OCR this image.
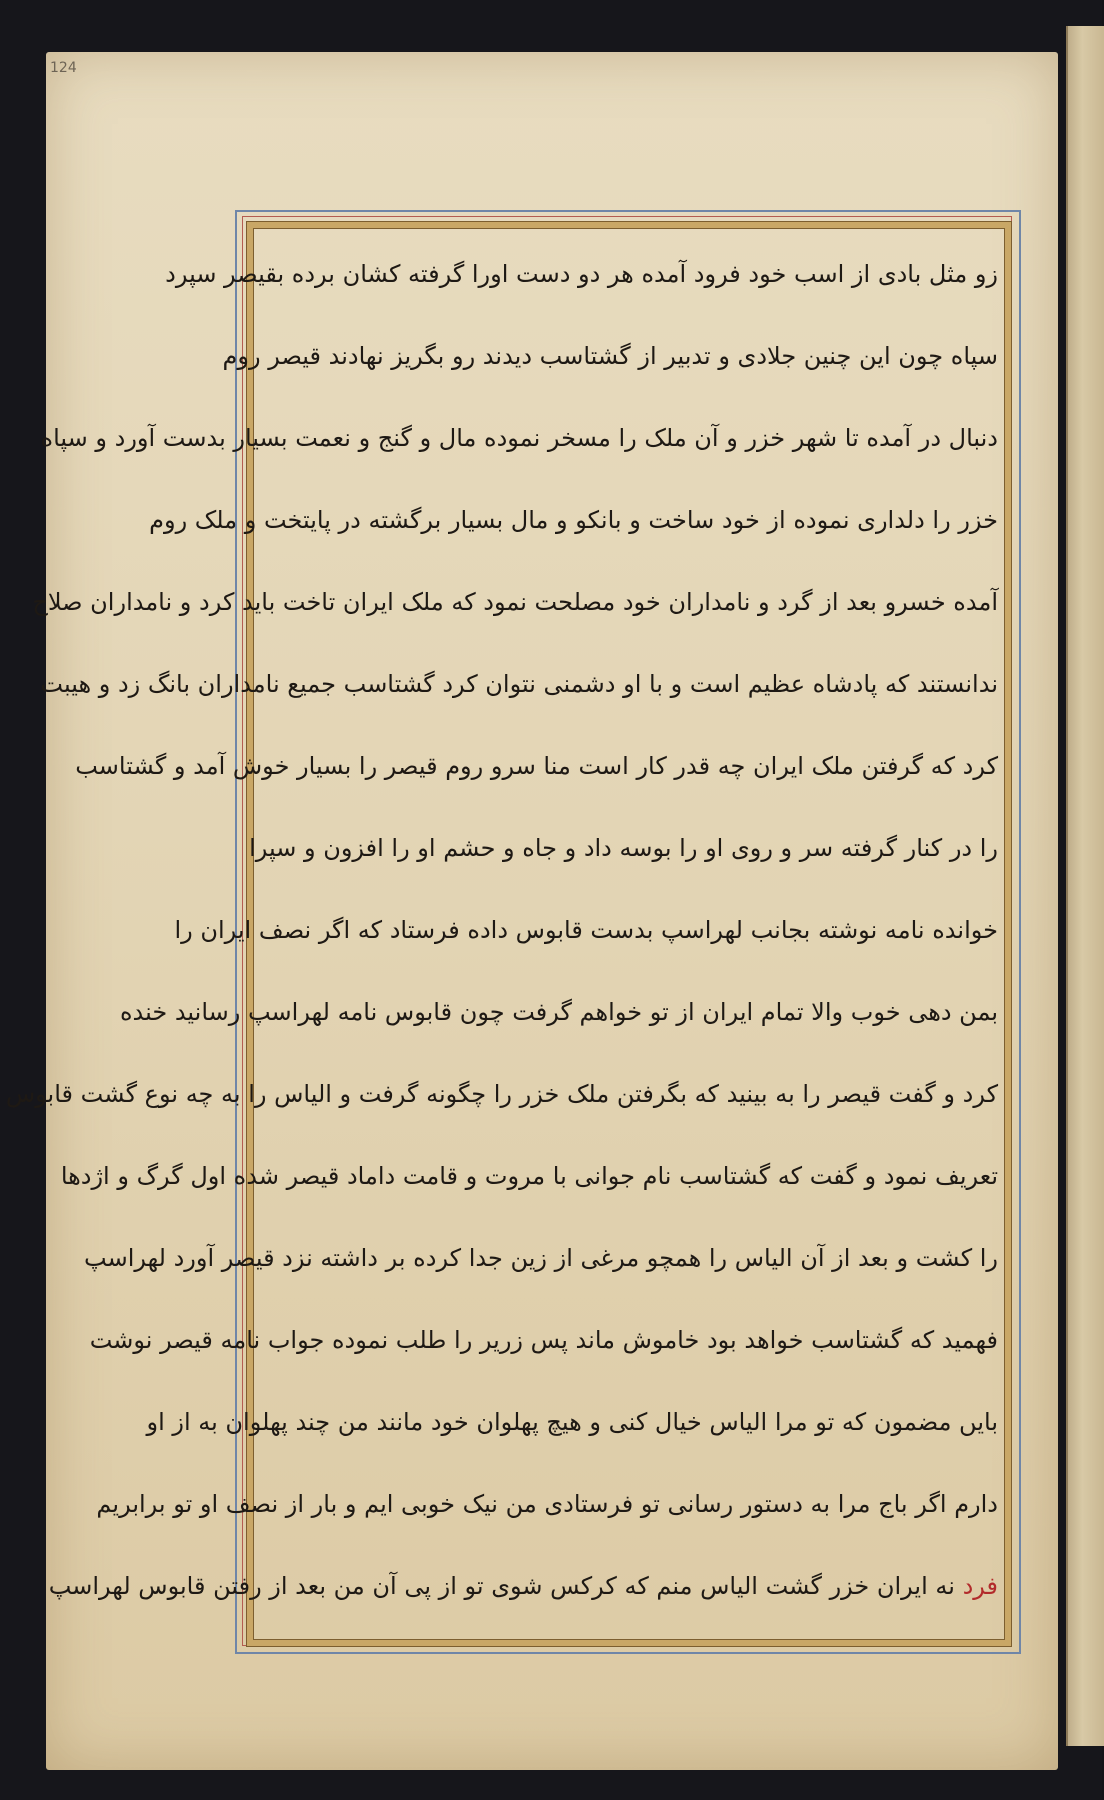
124
زو مثل بادی از اسب خود فرود آمده هر دو دست اورا گرفته کشان برده بقیصر سپرد
سپاه چون این چنین جلادی و تدبیر از گشتاسب دیدند رو بگریز نهادند قیصر روم
دنبال در آمده تا شهر خزر و آن ملک را مسخر نموده مال و گنج و نعمت بسیار بدست آورد و سپاه
خزر را دلداری نموده از خود ساخت و بانکو و مال بسیار برگشته در پایتخت و ملک روم
آمده خسرو بعد از گرد و نامداران خود مصلحت نمود که ملک ایران تاخت باید کرد و نامداران صلاح
ندانستند که پادشاه عظیم است و با او دشمنی نتوان کرد گشتاسب جمیع نامداران بانگ زد و هیبت
کرد که گرفتن ملک ایران چه قدر کار است منا سرو روم قیصر را بسیار خوش آمد و گشتاسب
را در کنار گرفته سر و روی او را بوسه داد و جاه و حشم او را افزون و سپرا
خوانده نامه نوشته بجانب لهراسپ بدست قابوس داده فرستاد که اگر نصف ایران را
بمن دهی خوب والا تمام ایران از تو خواهم گرفت چون قابوس نامه لهراسپ رسانید خنده
کرد و گفت قیصر را به بینید که بگرفتن ملک خزر را چگونه گرفت و الیاس را به چه نوع گشت قابوس
تعریف نمود و گفت که گشتاسب نام جوانی با مروت و قامت داماد قیصر شده اول گرگ و اژدها
را کشت و بعد از آن الیاس را همچو مرغی از زین جدا کرده بر داشته نزد قیصر آورد لهراسپ
فهمید که گشتاسب خواهد بود خاموش ماند پس زریر را طلب نموده جواب نامه قیصر نوشت
بایں مضمون که تو مرا الیاس خیال کنی و هیچ پهلوان خود مانند من چند پهلوان به از او
دارم اگر باج مرا به دستور رسانی تو فرستادی من نیک خوبی ایم و بار از نصف او تو برابریم
فرد نه ایران خزر گشت الیاس منم که کرکس شوی تو از پی آن من بعد از رفتن قابوس لهراسپ
